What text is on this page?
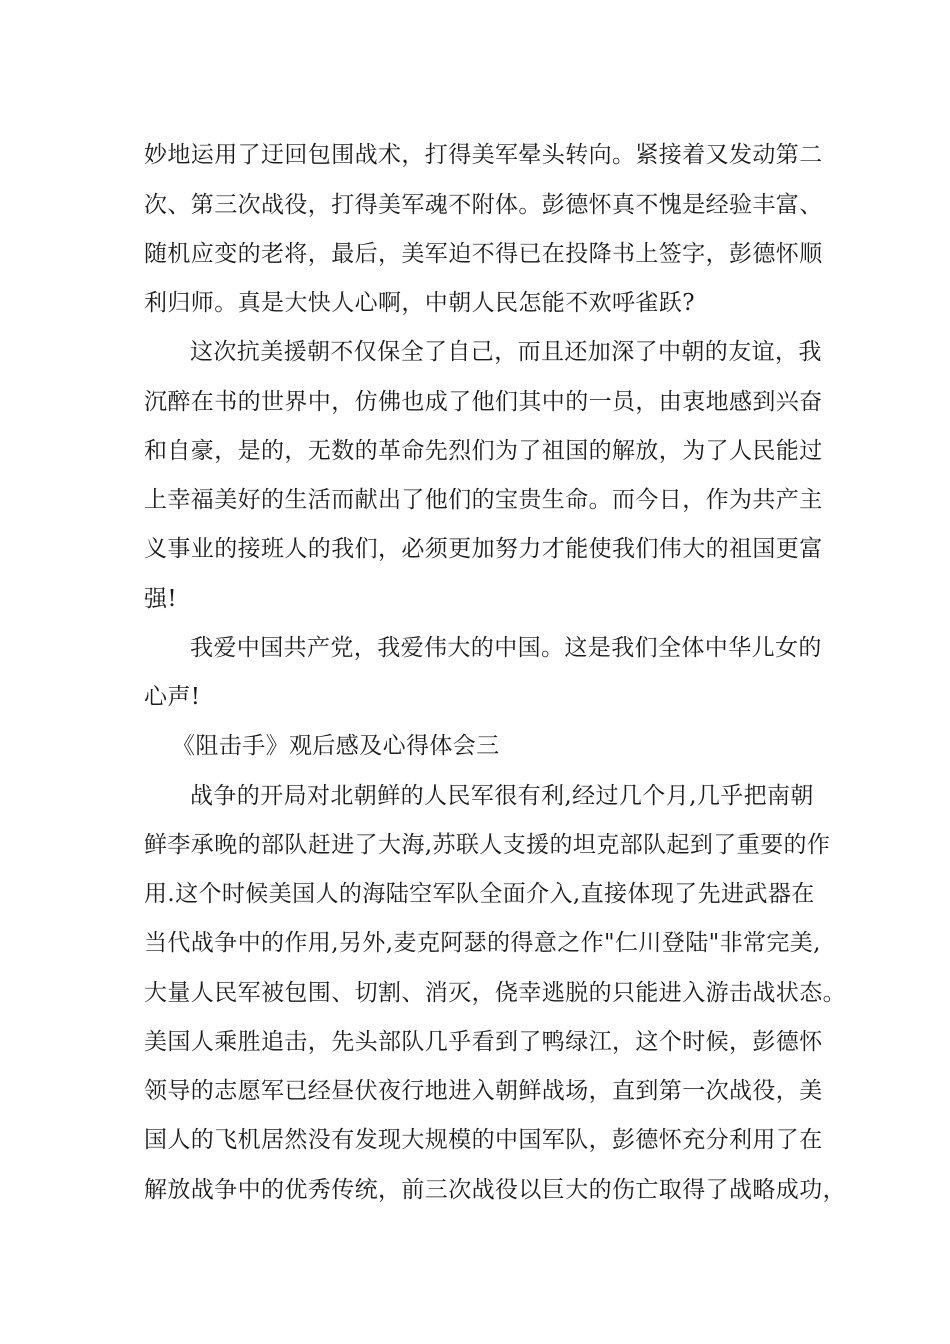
妙地运用了迂回包围战术，打得美军晕头转向。紧接着又发动第二
次、第三次战役，打得美军魂不附体。彭德怀真不愧是经验丰富、
随机应变的老将，最后，美军迫不得已在投降书上签字，彭德怀顺
利归师。真是大快人心啊，中朝人民怎能不欢呼雀跃?
这次抗美援朝不仅保全了自己，而且还加深了中朝的友谊，我
沉醉在书的世界中，仿佛也成了他们其中的一员，由衷地感到兴奋
和自豪，是的，无数的革命先烈们为了祖国的解放，为了人民能过
上幸福美好的生活而献出了他们的宝贵生命。而今日，作为共产主
义事业的接班人的我们，必须更加努力才能使我们伟大的祖国更富
强!
我爱中国共产党，我爱伟大的中国。这是我们全体中华儿女的
心声!
《阻击手》观后感及心得体会三
战争的开局对北朝鲜的人民军很有利,经过几个月,几乎把南朝
鲜李承晚的部队赶进了大海,苏联人支援的坦克部队起到了重要的作
用.这个时候美国人的海陆空军队全面介入,直接体现了先进武器在
当代战争中的作用,另外,麦克阿瑟的得意之作"仁川登陆"非常完美,
大量人民军被包围、切割、消灭，侥幸逃脱的只能进入游击战状态。
美国人乘胜追击，先头部队几乎看到了鸭绿江，这个时候，彭德怀
领导的志愿军已经昼伏夜行地进入朝鲜战场，直到第一次战役，美
国人的飞机居然没有发现大规模的中国军队，彭德怀充分利用了在
解放战争中的优秀传统，前三次战役以巨大的伤亡取得了战略成功，
